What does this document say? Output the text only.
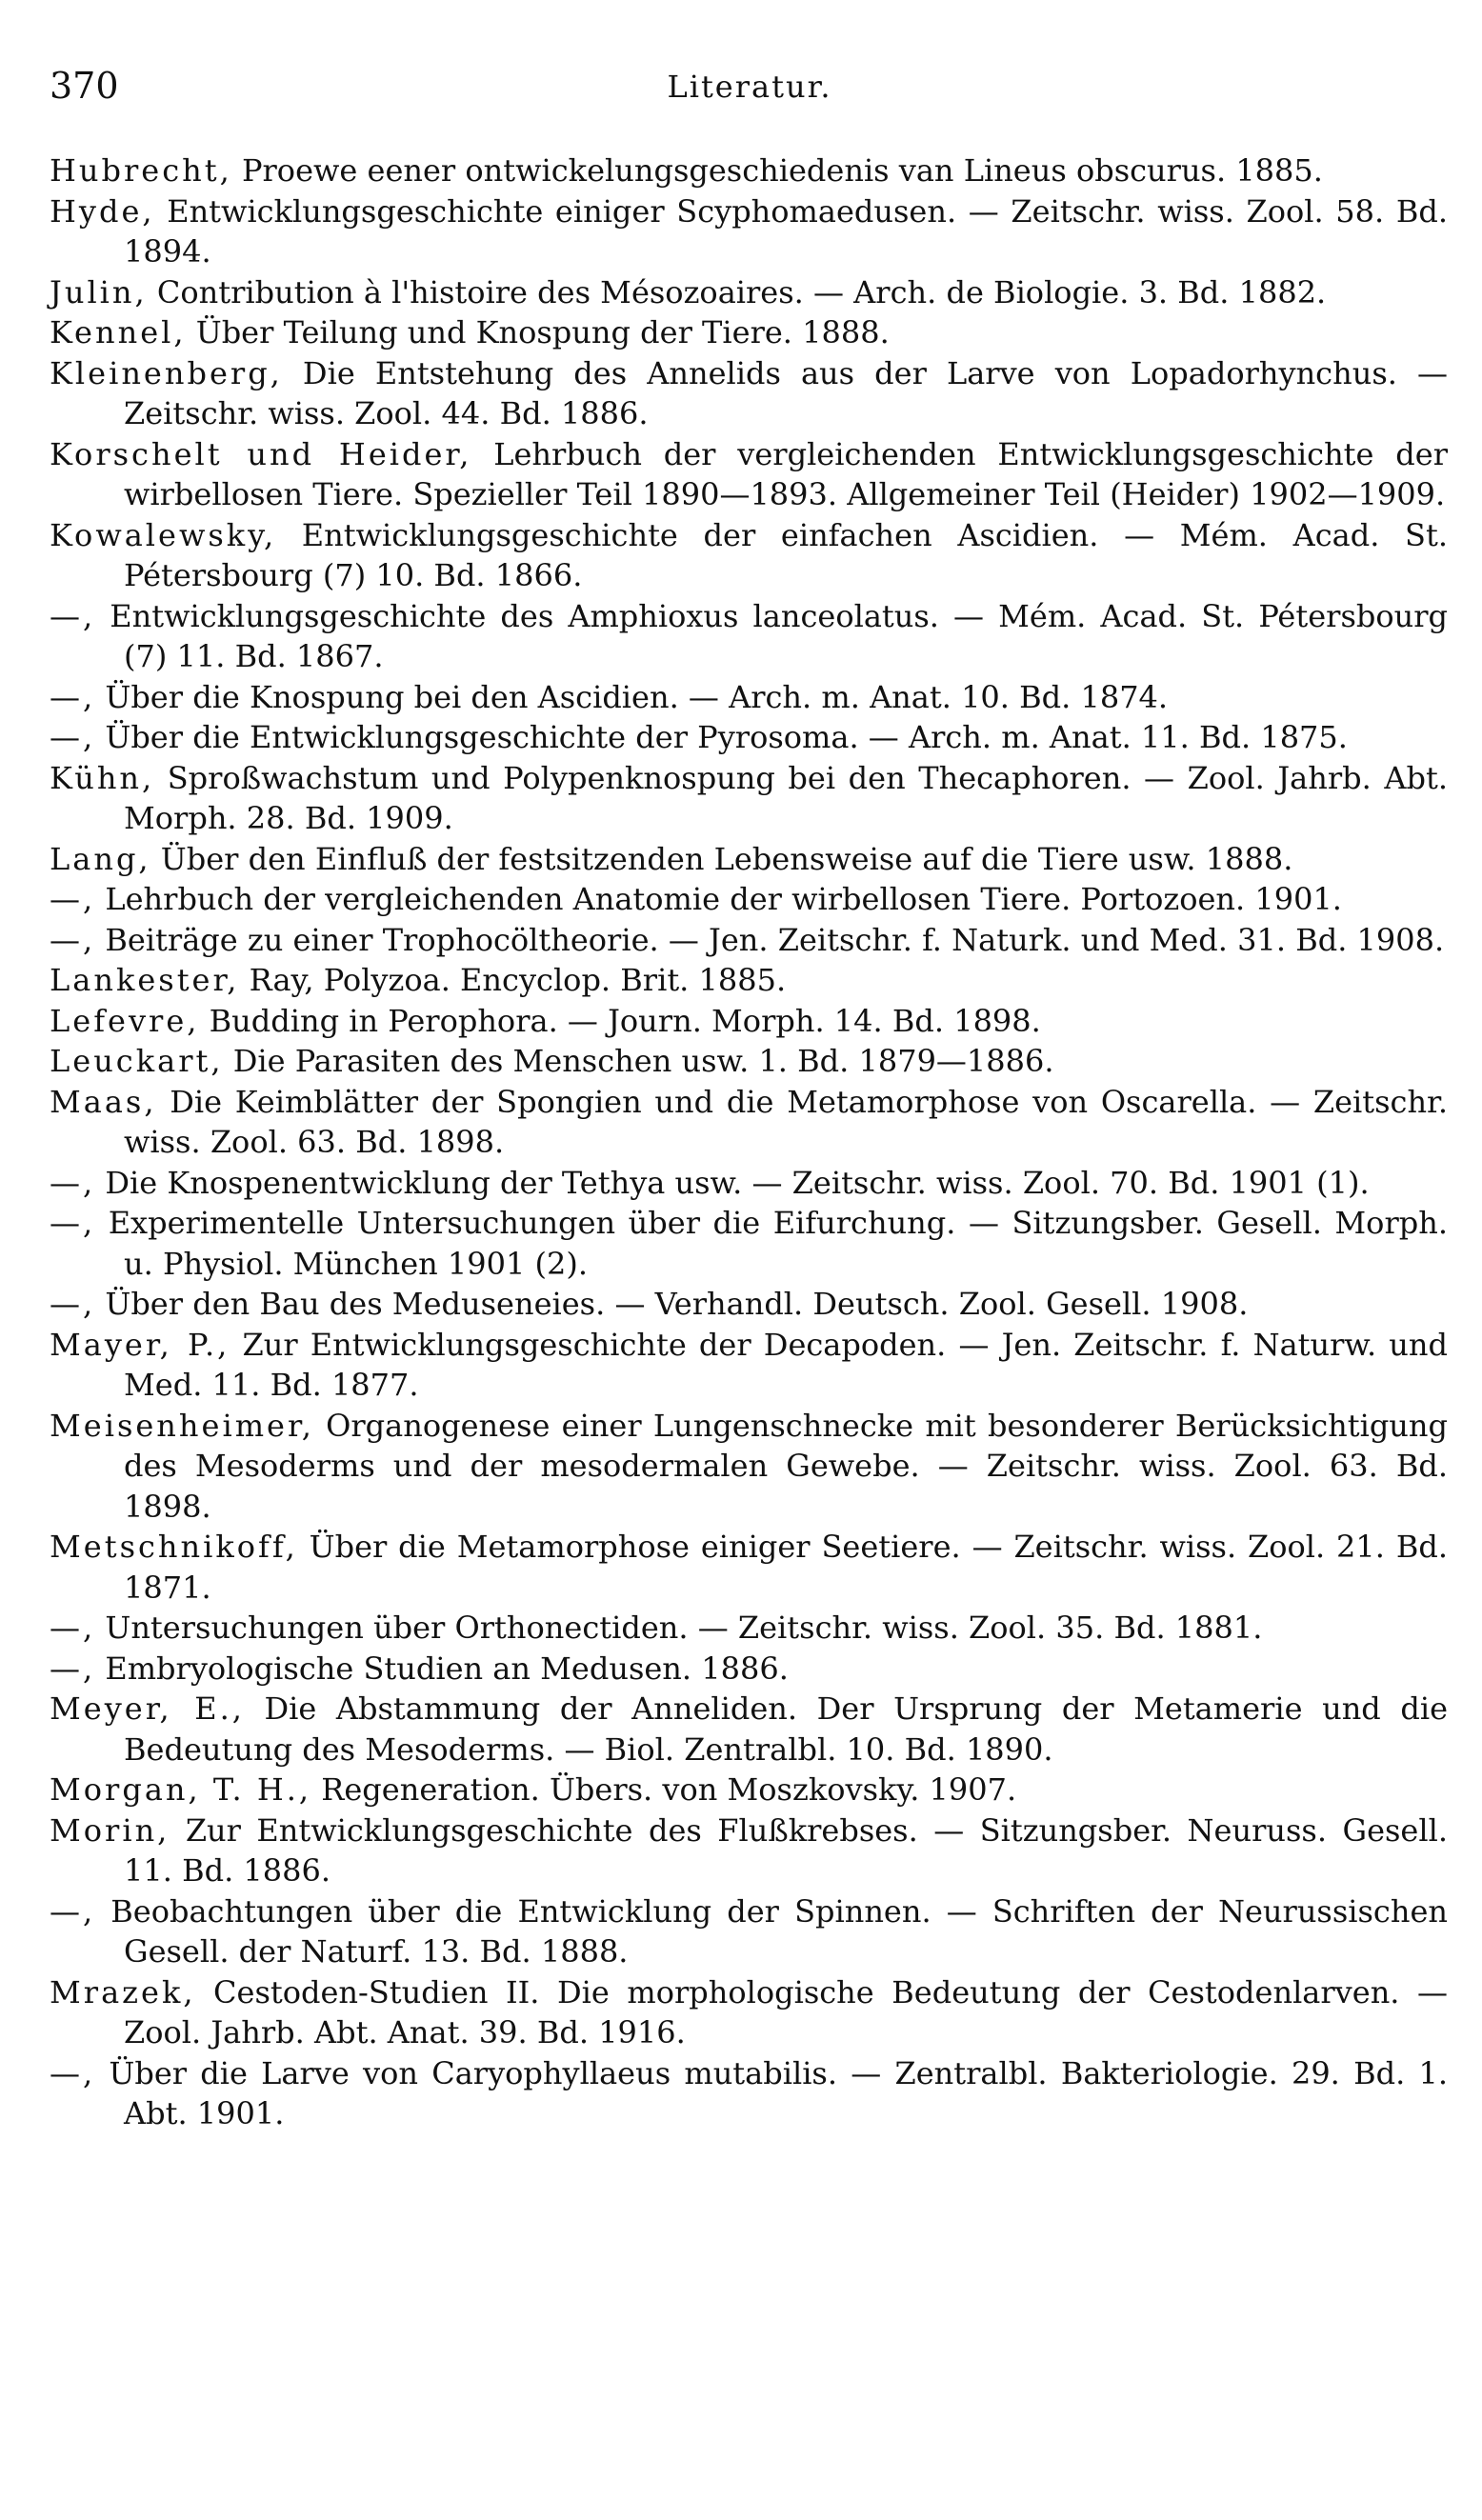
370	Literatur.
Hubrecht, Proewe eener ontwickelungsgeschiedenis van Lineus obscurus. 1885.
Hyde, Entwicklungsgeschichte einiger Scyphomaedusen. — Zeitschr. wiss. Zool. 58. Bd. 1894.
Julin, Contribution à l'histoire des Mésozoaires. — Arch. de Biologie. 3. Bd. 1882.
Kennel, Über Teilung und Knospung der Tiere. 1888.
Kleinenberg, Die Entstehung des Annelids aus der Larve von Lopadorhynchus. — Zeitschr. wiss. Zool. 44. Bd. 1886.
Korschelt und Heider, Lehrbuch der vergleichenden Entwicklungsgeschichte der wirbellosen Tiere. Spezieller Teil 1890—1893. Allgemeiner Teil (Heider) 1902—1909.
Kowalewsky, Entwicklungsgeschichte der einfachen Ascidien. — Mém. Acad. St. Pétersbourg (7) 10. Bd. 1866.
—, Entwicklungsgeschichte des Amphioxus lanceolatus. — Mém. Acad. St. Pétersbourg (7) 11. Bd. 1867.
—, Über die Knospung bei den Ascidien. — Arch. m. Anat. 10. Bd. 1874.
—, Über die Entwicklungsgeschichte der Pyrosoma. — Arch. m. Anat. 11. Bd. 1875.
Kühn, Sproßwachstum und Polypenknospung bei den Thecaphoren. — Zool. Jahrb. Abt. Morph. 28. Bd. 1909.
Lang, Über den Einfluß der festsitzenden Lebensweise auf die Tiere usw. 1888.
—, Lehrbuch der vergleichenden Anatomie der wirbellosen Tiere. Portozoen. 1901.
—, Beiträge zu einer Trophocöltheorie. — Jen. Zeitschr. f. Naturk. und Med. 31. Bd. 1908.
Lankester, Ray, Polyzoa. Encyclop. Brit. 1885.
Lefevre, Budding in Perophora. — Journ. Morph. 14. Bd. 1898.
Leuckart, Die Parasiten des Menschen usw. 1. Bd. 1879—1886.
Maas, Die Keimblätter der Spongien und die Metamorphose von Oscarella. — Zeitschr. wiss. Zool. 63. Bd. 1898.
—, Die Knospenentwicklung der Tethya usw. — Zeitschr. wiss. Zool. 70. Bd. 1901 (1).
—, Experimentelle Untersuchungen über die Eifurchung. — Sitzungsber. Gesell. Morph. u. Physiol. München 1901 (2).
—, Über den Bau des Meduseneies. — Verhandl. Deutsch. Zool. Gesell. 1908.
Mayer, P., Zur Entwicklungsgeschichte der Decapoden. — Jen. Zeitschr. f. Naturw. und Med. 11. Bd. 1877.
Meisenheimer, Organogenese einer Lungenschnecke mit besonderer Berücksichtigung des Mesoderms und der mesodermalen Gewebe. — Zeitschr. wiss. Zool. 63. Bd. 1898.
Metschnikoff, Über die Metamorphose einiger Seetiere. — Zeitschr. wiss. Zool. 21. Bd. 1871.
—, Untersuchungen über Orthonectiden. — Zeitschr. wiss. Zool. 35. Bd. 1881.
—, Embryologische Studien an Medusen. 1886.
Meyer, E., Die Abstammung der Anneliden. Der Ursprung der Metamerie und die Bedeutung des Mesoderms. — Biol. Zentralbl. 10. Bd. 1890.
Morgan, T. H., Regeneration. Übers. von Moszkovsky. 1907.
Morin, Zur Entwicklungsgeschichte des Flußkrebses. — Sitzungsber. Neuruss. Gesell. 11. Bd. 1886.
—, Beobachtungen über die Entwicklung der Spinnen. — Schriften der Neurussischen Gesell. der Naturf. 13. Bd. 1888.
Mrazek, Cestoden-Studien II. Die morphologische Bedeutung der Cestodenlarven. — Zool. Jahrb. Abt. Anat. 39. Bd. 1916.
—, Über die Larve von Caryophyllaeus mutabilis. — Zentralbl. Bakteriologie. 29. Bd. 1. Abt. 1901.
